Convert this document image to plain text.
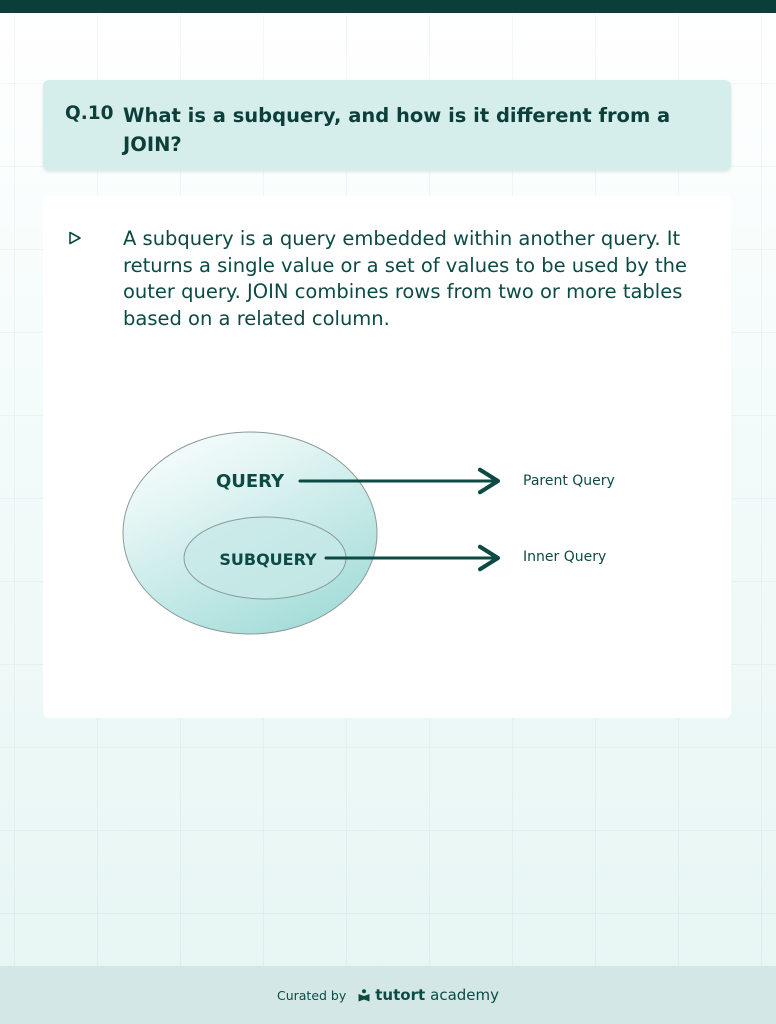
Q.10 What is a subquery, and how is it different from a JOIN?
A subquery is a query embedded within another query. It returns a single value or a set of values to be used by the outer query. JOIN combines rows from two or more tables based on a related column.
QUERY
SUBQUERY
Parent Query
Inner Query
Curated by tutort academy
